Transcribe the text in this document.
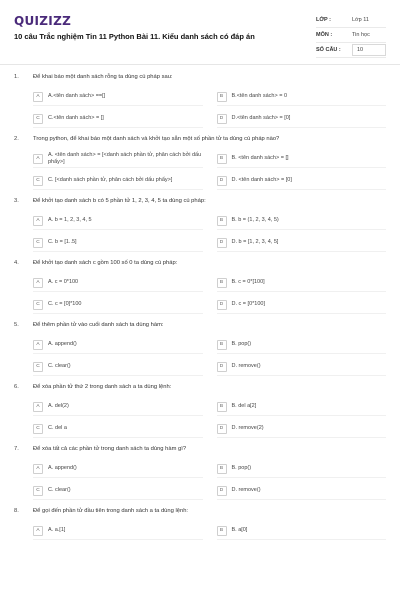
QUIZIZZ
10 câu Trắc nghiệm Tin 11 Python Bài 11. Kiểu danh sách có đáp án
LỚP :	Lớp 11
MÔN :	Tin học
SỐ CÂU :	10
1.	Để khai báo một danh sách rỗng ta dùng cú pháp sau:
A	A.<tên danh sách> ==[]	B	B.<tên danh sách> = 0
C	C.<tên danh sách> = []	D	D.<tên danh sách> = [0]
2.	Trong python, để khai báo một danh sách và khởi tạo sẵn một số phần tử ta dùng cú pháp nào?
A
A. <tên danh sách> = [<danh sách phần tử, phân cách bởi dấu phẩy>]	B	B. <tên danh sách> = []
C	C. [<danh sách phần tử, phân cách bởi dấu phẩy>]	D	D. <tên danh sách> = [0]
3.	Để khởi tạo danh sách b có 5 phần tử 1, 2, 3, 4, 5 ta dùng cú pháp:
A	A. b = 1, 2, 3, 4, 5	B	B. b = (1, 2, 3, 4, 5)
C	C. b = [1..5]	D	D. b = [1, 2, 3, 4, 5]
4.	Để khởi tạo danh sách c gồm 100 số 0 ta dùng cú pháp:
A	A. c = 0*100	B	B. c = 0*[100]
C	C. c = [0]*100	D	D. c = [0*100]
5.	Để thêm phần tử vào cuối danh sách ta dùng hàm:
A	A. append()	B	B. pop()
C	C. clear()	D	D. remove()
6.	Để xóa phần tử thứ 2 trong danh sách a ta dùng lệnh:
A	A. del(2)	B	B. del a[2]
C	C. del a	D	D. remove(2)
7.	Để xóa tất cả các phần tử trong danh sách ta dùng hàm gì?
A	A. append()	B	B. pop()
C	C. clear()	D	D. remove()
8.	Để gọi đến phần tử đầu tiên trong danh sách a ta dùng lệnh:
A	A. a.[1]	B	B. a[0]
